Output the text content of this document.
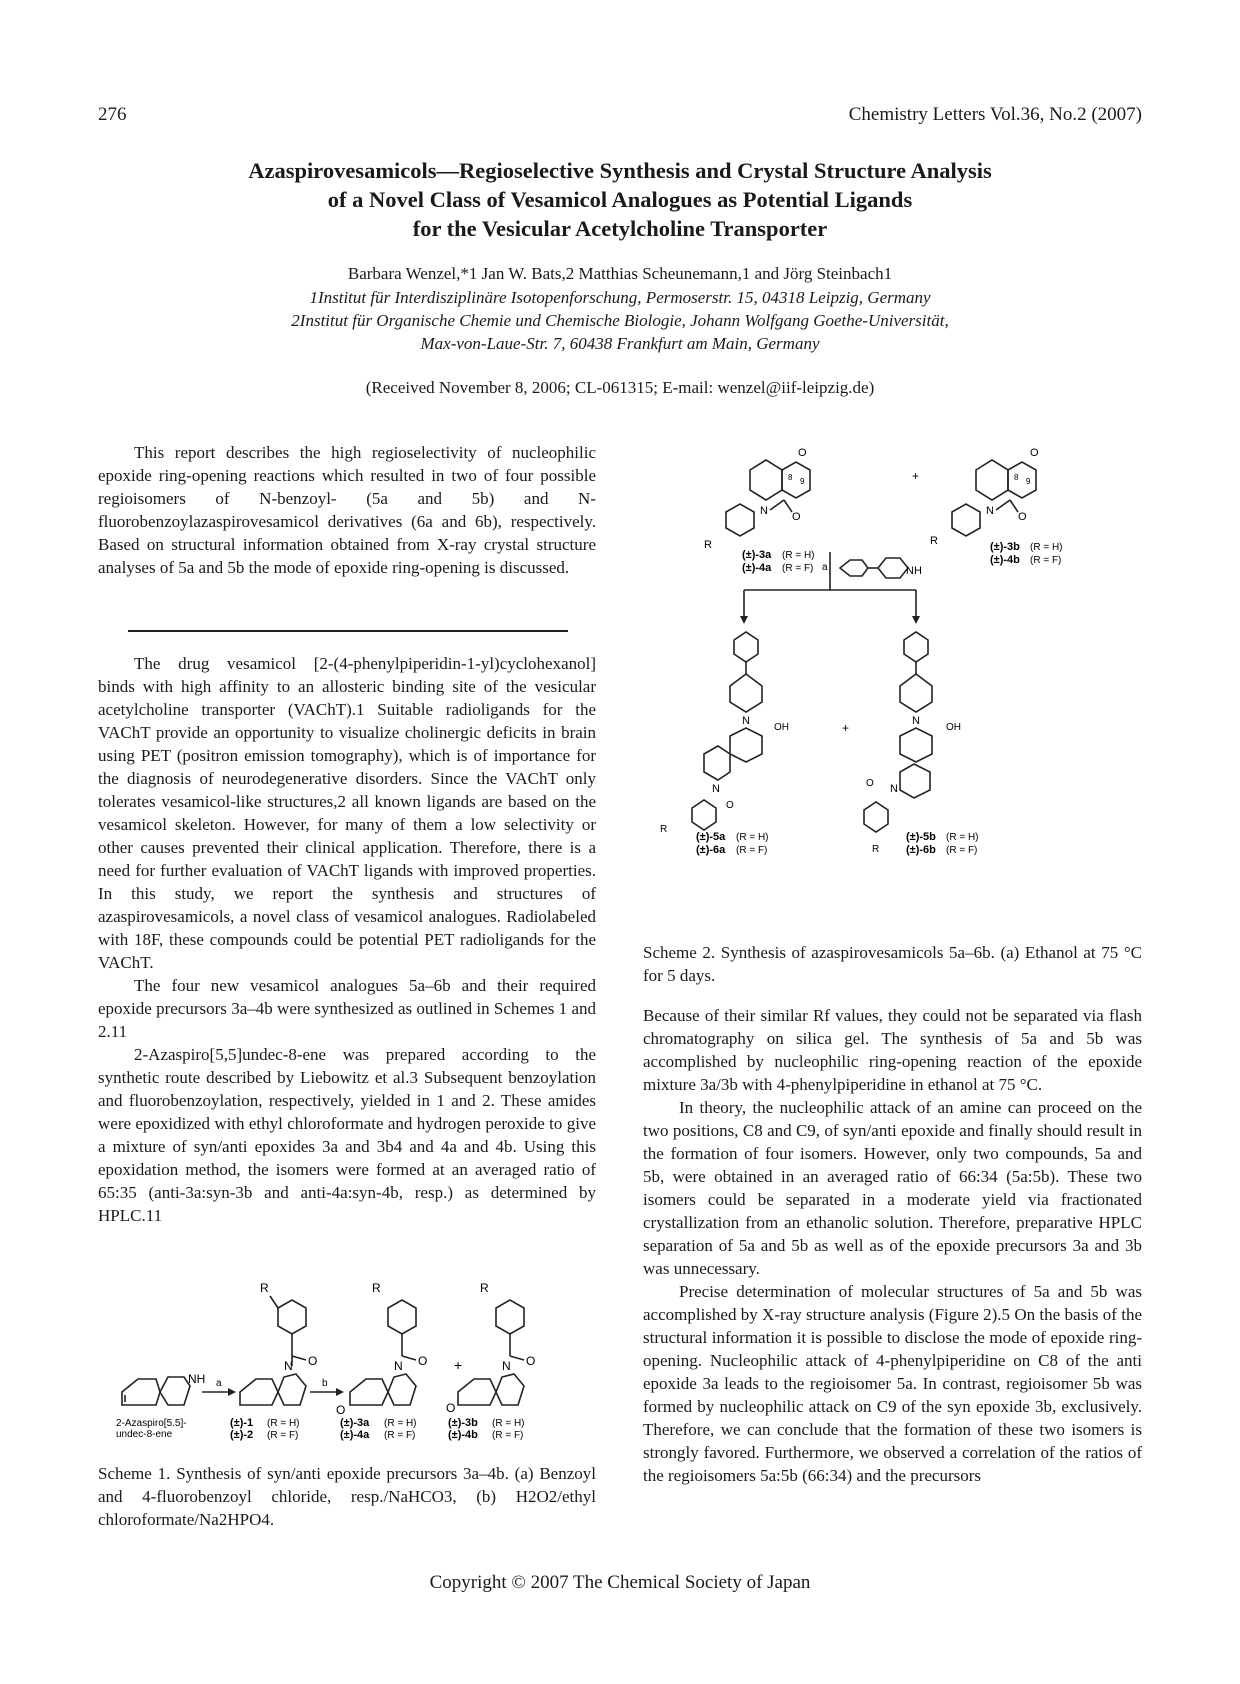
276	Chemistry Letters Vol.36, No.2 (2007)
Azaspirovesamicols—Regioselective Synthesis and Crystal Structure Analysis
of a Novel Class of Vesamicol Analogues as Potential Ligands
for the Vesicular Acetylcholine Transporter
Barbara Wenzel,*1 Jan W. Bats,2 Matthias Scheunemann,1 and Jörg Steinbach1
1Institut für Interdisziplinäre Isotopenforschung, Permoserstr. 15, 04318 Leipzig, Germany
2Institut für Organische Chemie und Chemische Biologie, Johann Wolfgang Goethe-Universität,
Max-von-Laue-Str. 7, 60438 Frankfurt am Main, Germany
(Received November 8, 2006; CL-061315; E-mail: wenzel@iif-leipzig.de)

This report describes the high regioselectivity of nucleophilic epoxide ring-opening reactions which resulted in two of four possible regioisomers of N-benzoyl- (5a and 5b) and N-fluorobenzoylazaspirovesamicol derivatives (6a and 6b), respectively. Based on structural information obtained from X-ray crystal structure analyses of 5a and 5b the mode of epoxide ring-opening is discussed.

The drug vesamicol [2-(4-phenylpiperidin-1-yl)cyclohexanol] binds with high affinity to an allosteric binding site of the vesicular acetylcholine transporter (VAChT).1 Suitable radioligands for the VAChT provide an opportunity to visualize cholinergic deficits in brain using PET (positron emission tomography), which is of importance for the diagnosis of neurodegenerative disorders. Since the VAChT only tolerates vesamicol-like structures,2 all known ligands are based on the vesamicol skeleton. However, for many of them a low selectivity or other causes prevented their clinical application. Therefore, there is a need for further evaluation of VAChT ligands with improved properties. In this study, we report the synthesis and structures of azaspirovesamicols, a novel class of vesamicol analogues. Radiolabeled with 18F, these compounds could be potential PET radioligands for the VAChT.

The four new vesamicol analogues 5a–6b and their required epoxide precursors 3a–4b were synthesized as outlined in Schemes 1 and 2.11

2-Azaspiro[5,5]undec-8-ene was prepared according to the synthetic route described by Liebowitz et al.3 Subsequent benzoylation and fluorobenzoylation, respectively, yielded in 1 and 2. These amides were epoxidized with ethyl chloroformate and hydrogen peroxide to give a mixture of syn/anti epoxides 3a and 3b4 and 4a and 4b. Using this epoxidation method, the isomers were formed at an averaged ratio of 65:35 (anti-3a:syn-3b and anti-4a:syn-4b, resp.) as determined by HPLC.11

NH a
2-Azaspiro[5.5]-
undec-8-ene
N O
R
b
(±)-1 (R = H)
(±)-2 (R = F)
N O
R
O
(±)-3a (R = H)
(±)-4a (R = F)
+	N O
R
O
(±)-3b (R = H)
(±)-4b (R = F)
Scheme 1. Synthesis of syn/anti epoxide precursors 3a–4b. (a) Benzoyl and 4-fluorobenzoyl chloride, resp./NaHCO3, (b) H2O2/ethyl chloroformate/Na2HPO4.
O
8 9
N O
R
(±)-3a (R = H)
(±)-4a (R = F)
+
O
8 9
N O
R	(±)-3b (R = H)
(±)-4b (R = F)
NH
a
N
OH
N
R
O
(±)-5a (R = H)
(±)-6a (R = F)
+	N
OH
N
R
O
(±)-5b (R = H)
(±)-6b (R = F)
Scheme 2. Synthesis of azaspirovesamicols 5a–6b. (a) Ethanol at 75 °C for 5 days.

Because of their similar Rf values, they could not be separated via flash chromatography on silica gel. The synthesis of 5a and 5b was accomplished by nucleophilic ring-opening reaction of the epoxide mixture 3a/3b with 4-phenylpiperidine in ethanol at 75 °C.

In theory, the nucleophilic attack of an amine can proceed on the two positions, C8 and C9, of syn/anti epoxide and finally should result in the formation of four isomers. However, only two compounds, 5a and 5b, were obtained in an averaged ratio of 66:34 (5a:5b). These two isomers could be separated in a moderate yield via fractionated crystallization from an ethanolic solution. Therefore, preparative HPLC separation of 5a and 5b as well as of the epoxide precursors 3a and 3b was unnecessary.

Precise determination of molecular structures of 5a and 5b was accomplished by X-ray structure analysis (Figure 2).5 On the basis of the structural information it is possible to disclose the mode of epoxide ring-opening. Nucleophilic attack of 4-phenylpiperidine on C8 of the anti epoxide 3a leads to the regioisomer 5a. In contrast, regioisomer 5b was formed by nucleophilic attack on C9 of the syn epoxide 3b, exclusively. Therefore, we can conclude that the formation of these two isomers is strongly favored. Furthermore, we observed a correlation of the ratios of the regioisomers 5a:5b (66:34) and the precursors

Copyright © 2007 The Chemical Society of Japan
